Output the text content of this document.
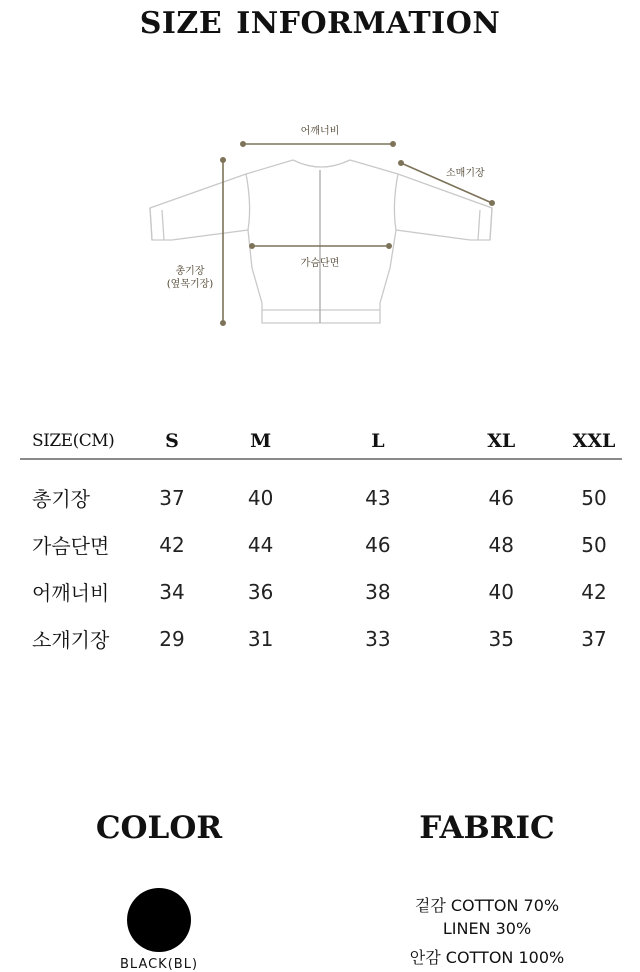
SIZE INFORMATION
어깨너비
소매기장
가슴단면
총기장
(옆목기장)
SIZE(CM)	S	M	L	XL	XXL
총기장	37	40	43	46	50
가슴단면	42	44	46	48	50
어깨너비	34	36	38	40	42
소개기장	29	31	33	35	37
COLOR
BLACK(BL)
FABRIC
겉감 COTTON 70%
LINEN 30%
안감 COTTON 100%
